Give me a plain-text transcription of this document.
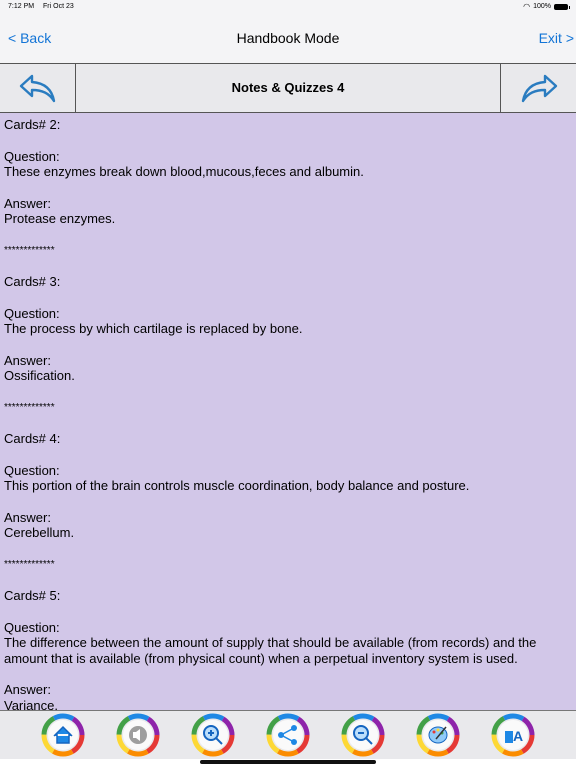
7:12 PM Fri Oct 23	◠ 100%
< Back	Handbook Mode	Exit >
Notes & Quizzes 4

Cards# 2:

Question:

These enzymes break down blood,mucous,feces and albumin.

Answer:

Protease enzymes.

*************

Cards# 3:

Question:

The process by which cartilage is replaced by bone.

Answer:

Ossification.

*************

Cards# 4:

Question:

This portion of the brain controls muscle coordination, body balance and posture.

Answer:

Cerebellum.

*************

Cards# 5:

Question:

The difference between the amount of supply that should be available (from records) and the amount that is available (from physical count) when a perpetual inventory system is used.

Answer:

Variance.

A
